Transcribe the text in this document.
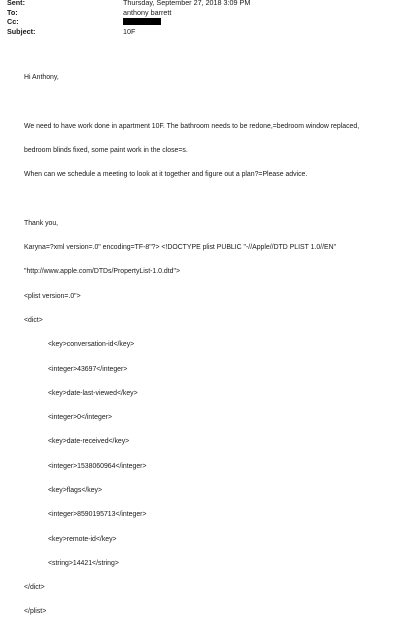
Sent:	Thursday, September 27, 2018 3:09 PM
To:	anthony barrett
Cc:
Subject:	10F

Hi Anthony,

We need to have work done in apartment 10F. The bathroom needs to be redone,=bedroom window replaced,

bedroom blinds fixed, some paint work in the close=s.

When can we schedule a meeting to look at it together and figure out a plan?=Please advice.

Thank you,

Karyna=?xml version=.0" encoding=TF-8"?> <!DOCTYPE plist PUBLIC "-//Apple//DTD PLIST 1.0//EN"

"http://www.apple.com/DTDs/PropertyList-1.0.dtd">

<plist version=.0">

<dict>

<key>conversation-id</key>

<integer>43697</integer>

<key>date-last-viewed</key>

<integer>0</integer>

<key>date-received</key>

<integer>1538060964</integer>

<key>flags</key>

<integer>8590195713</integer>

<key>remote-id</key>

<string>14421</string>

</dict>

</plist>
